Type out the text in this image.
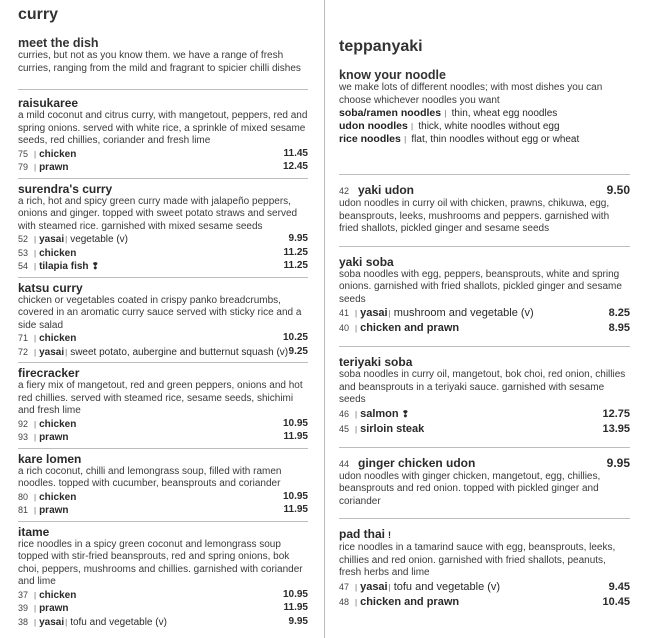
curry
meet the dish
curries, but not as you know them. we have a range of fresh curries, ranging from the mild and fragrant to spicier chilli dishes
raisukaree
a mild coconut and citrus curry, with mangetout, peppers, red and spring onions. served with white rice, a sprinkle of mixed sesame seeds, red chillies, coriander and fresh lime
75 | chicken	11.45
79 | prawn	12.45
surendra's curry
a rich, hot and spicy green curry made with jalapeño peppers, onions and ginger. topped with sweet potato straws and served with steamed rice. garnished with mixed sesame seeds
52 | yasai | vegetable (v)	9.95
53 | chicken	11.25
54 | tilapia fish ❢	11.25
katsu curry
chicken or vegetables coated in crispy panko breadcrumbs, covered in an aromatic curry sauce served with sticky rice and a side salad
71 | chicken	10.25
72 | yasai | sweet potato, aubergine and butternut squash (v) 9.25
firecracker
a fiery mix of mangetout, red and green peppers, onions and hot red chillies. served with steamed rice, sesame seeds, shichimi and fresh lime
92 | chicken	10.95
93 | prawn	11.95
kare lomen
a rich coconut, chilli and lemongrass soup, filled with ramen noodles. topped with cucumber, beansprouts and coriander
80 | chicken	10.95
81 | prawn	11.95
itame
rice noodles in a spicy green coconut and lemongrass soup topped with stir-fried beansprouts, red and spring onions, bok choi, peppers, mushrooms and chillies. garnished with coriander and lime
37 | chicken	10.95
39 | prawn	11.95
38 | yasai | tofu and vegetable (v)	9.95
teppanyaki
know your noodle
we make lots of different noodles; with most dishes you can choose whichever noodles you want
soba/ramen noodles | thin, wheat egg noodles
udon noodles | thick, white noodles without egg
rice noodles | flat, thin noodles without egg or wheat
42 yaki udon	9.50
udon noodles in curry oil with chicken, prawns, chikuwa, egg, beansprouts, leeks, mushrooms and peppers. garnished with fried shallots, pickled ginger and sesame seeds
yaki soba
soba noodles with egg, peppers, beansprouts, white and spring onions. garnished with fried shallots, pickled ginger and sesame seeds
41 | yasai | mushroom and vegetable (v)	8.25
40 | chicken and prawn	8.95
teriyaki soba
soba noodles in curry oil, mangetout, bok choi, red onion, chillies and beansprouts in a teriyaki sauce. garnished with sesame seeds
46 | salmon ❢	12.75
45 | sirloin steak	13.95
44 ginger chicken udon	9.95
udon noodles with ginger chicken, mangetout, egg, chillies, beansprouts and red onion. topped with pickled ginger and coriander
pad thai ǃ
rice noodles in a tamarind sauce with egg, beansprouts, leeks, chillies and red onion. garnished with fried shallots, peanuts, fresh herbs and lime
47 | yasai | tofu and vegetable (v)	9.45
48 | chicken and prawn	10.45
